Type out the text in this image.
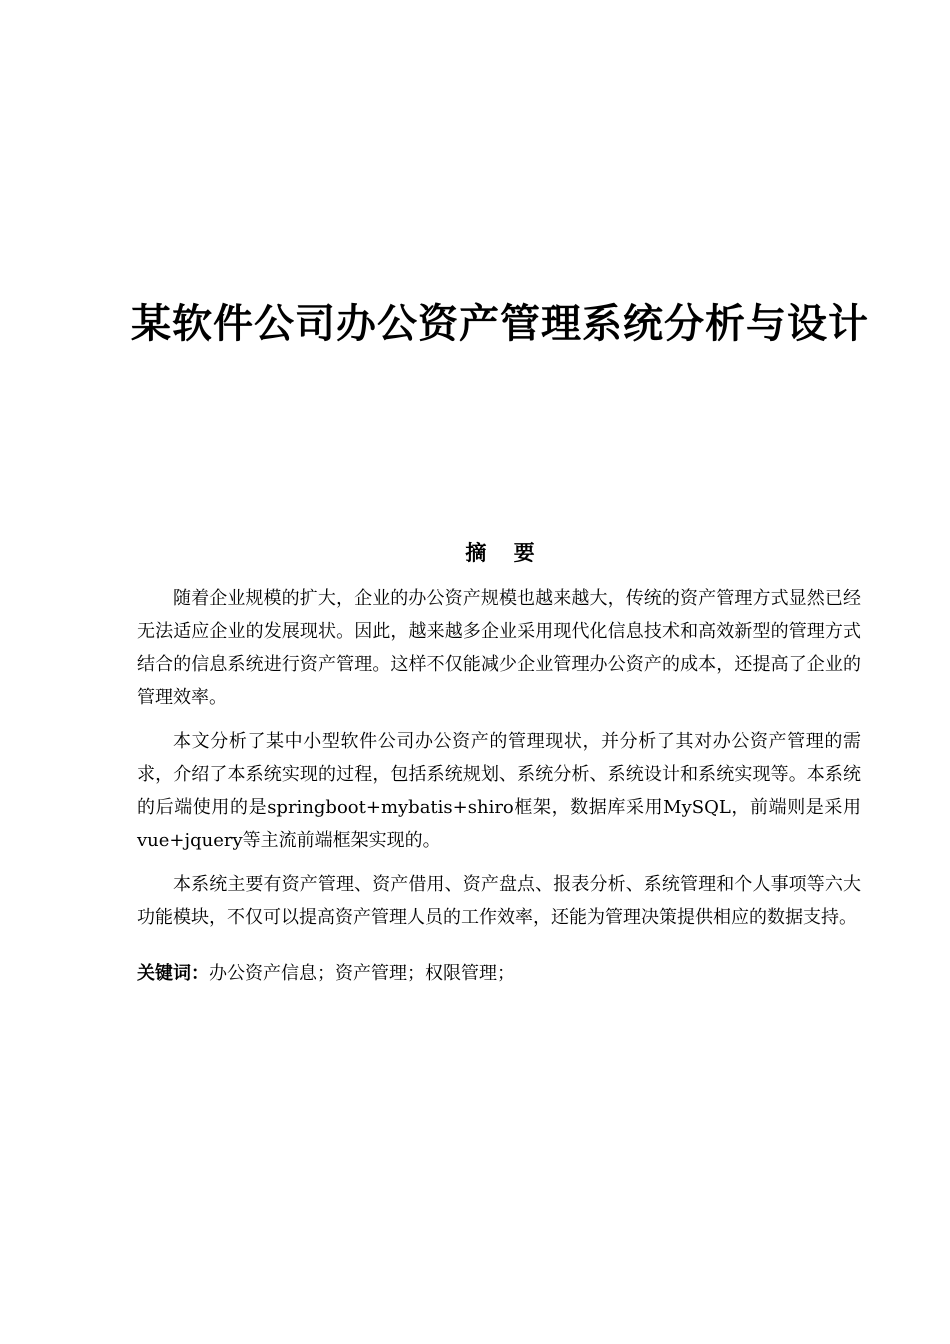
某软件公司办公资产管理系统分析与设计
摘 要

随着企业规模的扩大，企业的办公资产规模也越来越大，传统的资产管理方式显然已经无法适应企业的发展现状。因此，越来越多企业采用现代化信息技术和高效新型的管理方式结合的信息系统进行资产管理。这样不仅能减少企业管理办公资产的成本，还提高了企业的管理效率。

本文分析了某中小型软件公司办公资产的管理现状，并分析了其对办公资产管理的需求，介绍了本系统实现的过程，包括系统规划、系统分析、系统设计和系统实现等。本系统的后端使用的是springboot+mybatis+shiro框架，数据库采用MySQL，前端则是采用vue+jquery等主流前端框架实现的。

本系统主要有资产管理、资产借用、资产盘点、报表分析、系统管理和个人事项等六大功能模块，不仅可以提高资产管理人员的工作效率，还能为管理决策提供相应的数据支持。

关键词：办公资产信息；资产管理；权限管理；
